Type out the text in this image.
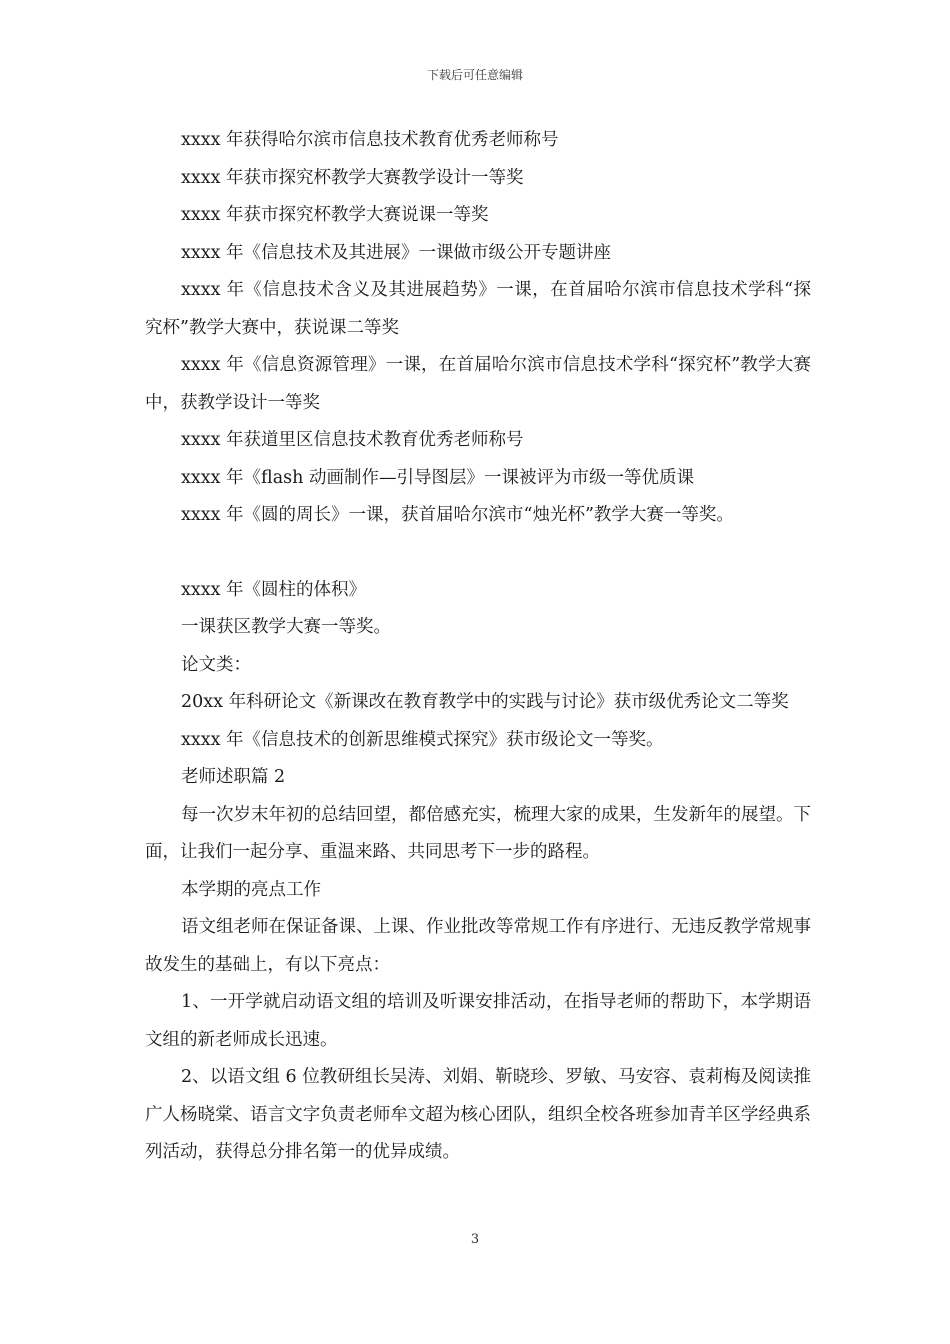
下载后可任意编辑

xxxx 年获得哈尔滨市信息技术教育优秀老师称号

xxxx 年获市探究杯教学大赛教学设计一等奖

xxxx 年获市探究杯教学大赛说课一等奖

xxxx 年《信息技术及其进展》一课做市级公开专题讲座

xxxx 年《信息技术含义及其进展趋势》一课，在首届哈尔滨市信息技术学科“探究杯”教学大赛中，获说课二等奖

xxxx 年《信息资源管理》一课，在首届哈尔滨市信息技术学科“探究杯”教学大赛中，获教学设计一等奖

xxxx 年获道里区信息技术教育优秀老师称号

xxxx 年《flash 动画制作—引导图层》一课被评为市级一等优质课

xxxx 年《圆的周长》一课，获首届哈尔滨市“烛光杯”教学大赛一等奖。

xxxx 年《圆柱的体积》

一课获区教学大赛一等奖。

论文类：

20xx 年科研论文《新课改在教育教学中的实践与讨论》获市级优秀论文二等奖

xxxx 年《信息技术的创新思维模式探究》获市级论文一等奖。

老师述职篇 2

每一次岁末年初的总结回望，都倍感充实，梳理大家的成果，生发新年的展望。下面，让我们一起分享、重温来路、共同思考下一步的路程。

本学期的亮点工作

语文组老师在保证备课、上课、作业批改等常规工作有序进行、无违反教学常规事故发生的基础上，有以下亮点：

1、一开学就启动语文组的培训及听课安排活动，在指导老师的帮助下，本学期语文组的新老师成长迅速。

2、以语文组 6 位教研组长吴涛、刘娟、靳晓珍、罗敏、马安容、袁莉梅及阅读推广人杨晓棠、语言文字负责老师牟文超为核心团队，组织全校各班参加青羊区学经典系列活动，获得总分排名第一的优异成绩。

3
